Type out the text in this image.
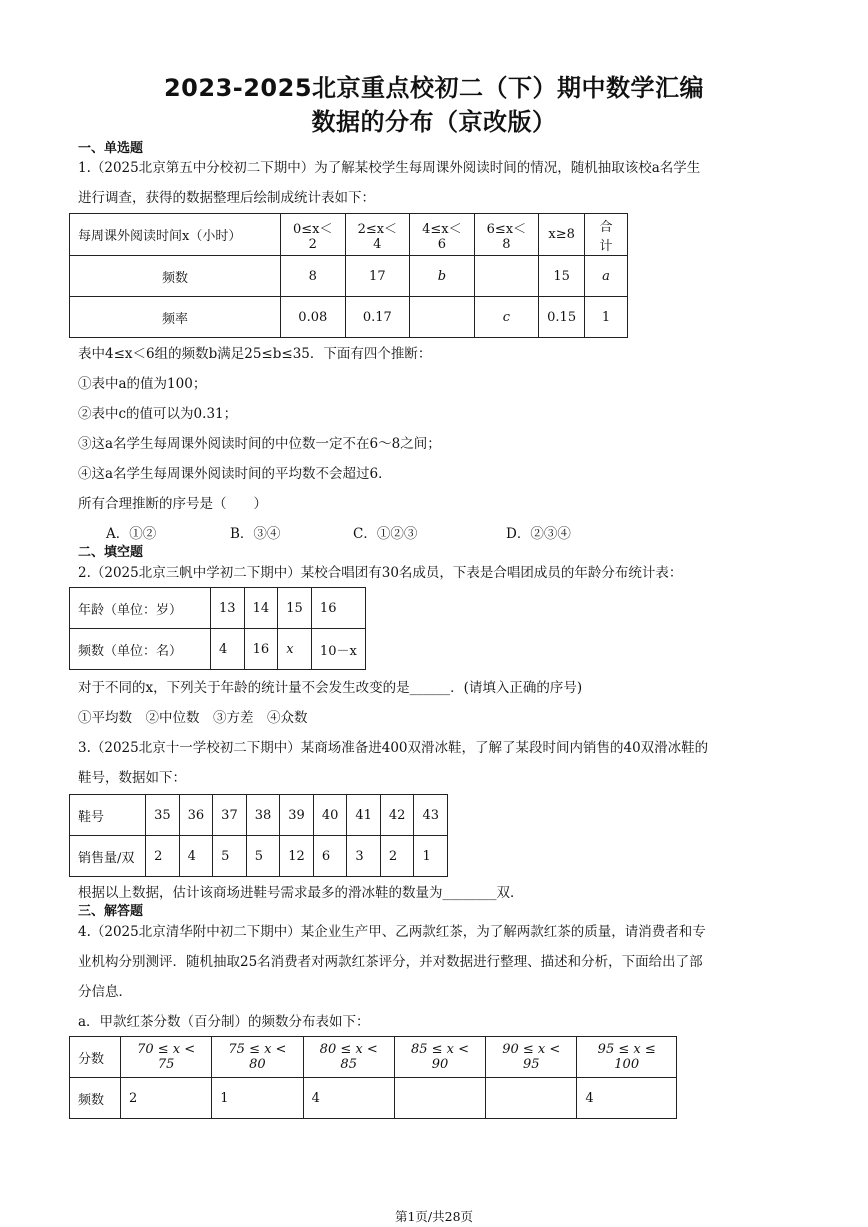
2023-2025北京重点校初二（下）期中数学汇编
数据的分布（京改版）
一、单选题
1.（2025北京第五中分校初二下期中）为了解某校学生每周课外阅读时间的情况，随机抽取该校a名学生
进行调查，获得的数据整理后绘制成统计表如下：
每周课外阅读时间x（小时）	0≤x＜2	2≤x＜4	4≤x＜6	6≤x＜8	x≥8	合计
频数	8	17	b		15	a
频率	0.08	0.17		c	0.15	1
表中4≤x＜6组的频数b满足25≤b≤35．下面有四个推断：
①表中a的值为100；
②表中c的值可以为0.31；
③这a名学生每周课外阅读时间的中位数一定不在6～8之间；
④这a名学生每周课外阅读时间的平均数不会超过6．
所有合理推断的序号是（　　）
A．①②	B．③④	C．①②③	D．②③④
二、填空题
2.（2025北京三帆中学初二下期中）某校合唱团有30名成员，下表是合唱团成员的年龄分布统计表：
年龄（单位：岁）	13	14	15	16
频数（单位：名）	4	16	x	10－x
对于不同的x，下列关于年龄的统计量不会发生改变的是______．(请填入正确的序号)
①平均数　②中位数　③方差　④众数
3.（2025北京十一学校初二下期中）某商场准备进400双滑冰鞋，了解了某段时间内销售的40双滑冰鞋的
鞋号，数据如下：
鞋号	35	36	37	38	39	40	41	42	43
销售量/双	2	4	5	5	12	6	3	2	1
根据以上数据，估计该商场进鞋号需求最多的滑冰鞋的数量为________双．
三、解答题
4.（2025北京清华附中初二下期中）某企业生产甲、乙两款红茶，为了解两款红茶的质量，请消费者和专
业机构分别测评．随机抽取25名消费者对两款红茶评分，并对数据进行整理、描述和分析，下面给出了部
分信息．
a．甲款红茶分数（百分制）的频数分布表如下：
分数	70 ≤ x < 75	75 ≤ x < 80	80 ≤ x < 85	85 ≤ x < 90	90 ≤ x < 95	95 ≤ x ≤ 100
频数	2	1	4			4
第1页/共28页
